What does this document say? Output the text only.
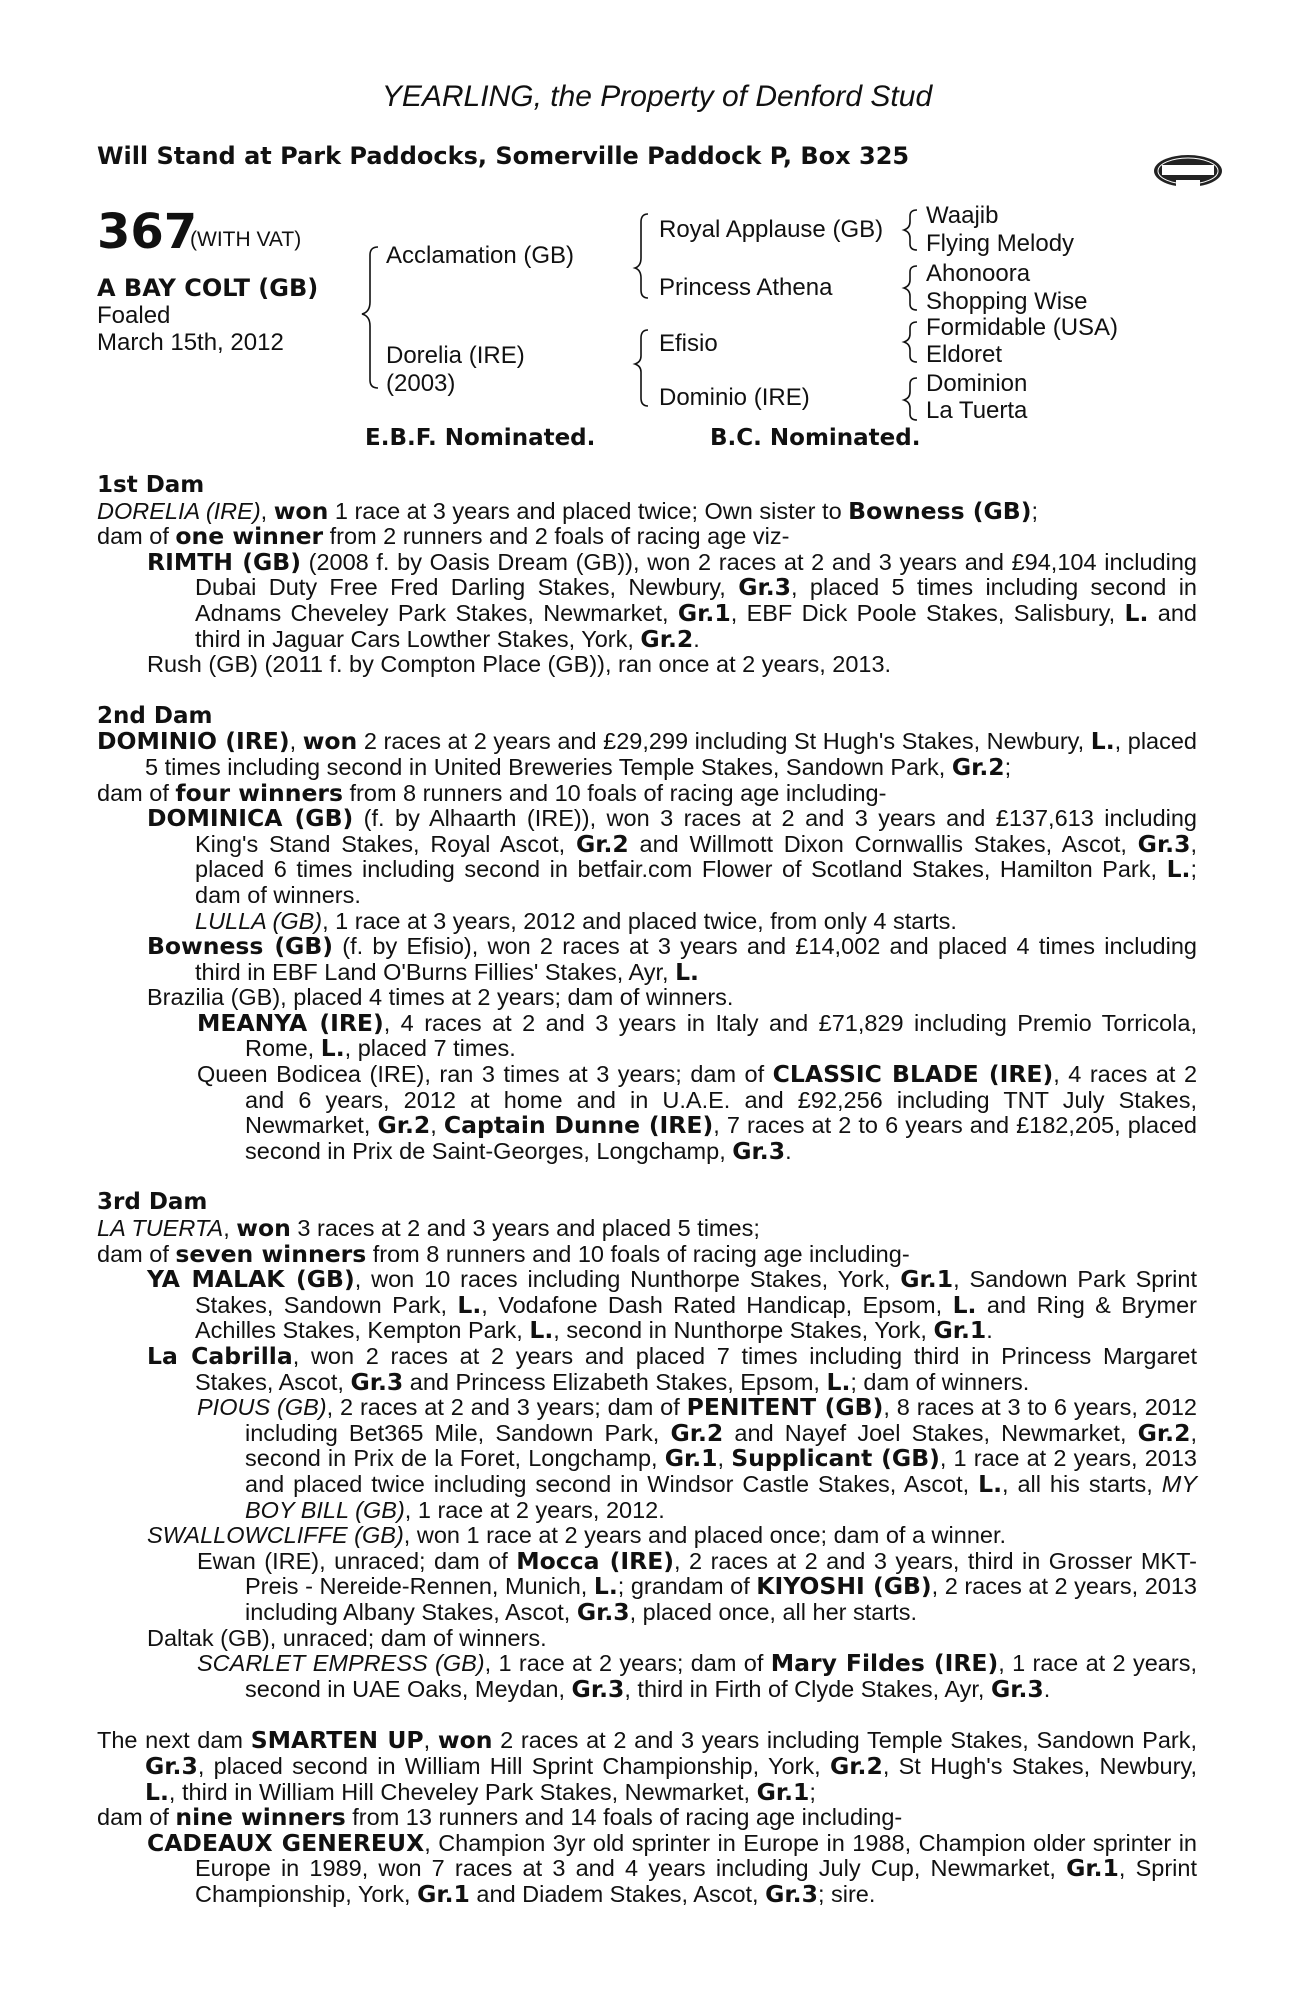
YEARLING, the Property of Denford Stud
Will Stand at Park Paddocks, Somerville Paddock P, Box 325
367
(WITH VAT)
A BAY COLT (GB)
Foaled
March 15th, 2012
Acclamation (GB)
Dorelia (IRE)
(2003)
Royal Applause (GB)
Princess Athena
Efisio
Dominio (IRE)
Waajib
Flying Melody
Ahonoora
Shopping Wise
Formidable (USA)
Eldoret
Dominion
La Tuerta
E.B.F. Nominated.	B.C. Nominated.
1st Dam
DORELIA (IRE), won 1 race at 3 years and placed twice; Own sister to Bowness (GB);
dam of one winner from 2 runners and 2 foals of racing age viz-
RIMTH (GB) (2008 f. by Oasis Dream (GB)), won 2 races at 2 and 3 years and £94,104 including Dubai Duty Free Fred Darling Stakes, Newbury, Gr.3, placed 5 times including second in Adnams Cheveley Park Stakes, Newmarket, Gr.1, EBF Dick Poole Stakes, Salisbury, L. and third in Jaguar Cars Lowther Stakes, York, Gr.2.
Rush (GB) (2011 f. by Compton Place (GB)), ran once at 2 years, 2013.
2nd Dam
DOMINIO (IRE), won 2 races at 2 years and £29,299 including St Hugh's Stakes, Newbury, L., placed 5 times including second in United Breweries Temple Stakes, Sandown Park, Gr.2;
dam of four winners from 8 runners and 10 foals of racing age including-
DOMINICA (GB) (f. by Alhaarth (IRE)), won 3 races at 2 and 3 years and £137,613 including King's Stand Stakes, Royal Ascot, Gr.2 and Willmott Dixon Cornwallis Stakes, Ascot, Gr.3, placed 6 times including second in betfair.com Flower of Scotland Stakes, Hamilton Park, L.; dam of winners.
LULLA (GB), 1 race at 3 years, 2012 and placed twice, from only 4 starts.
Bowness (GB) (f. by Efisio), won 2 races at 3 years and £14,002 and placed 4 times including third in EBF Land O'Burns Fillies' Stakes, Ayr, L.
Brazilia (GB), placed 4 times at 2 years; dam of winners.
MEANYA (IRE), 4 races at 2 and 3 years in Italy and £71,829 including Premio Torricola, Rome, L., placed 7 times.
Queen Bodicea (IRE), ran 3 times at 3 years; dam of CLASSIC BLADE (IRE), 4 races at 2 and 6 years, 2012 at home and in U.A.E. and £92,256 including TNT July Stakes, Newmarket, Gr.2, Captain Dunne (IRE), 7 races at 2 to 6 years and £182,205, placed second in Prix de Saint-Georges, Longchamp, Gr.3.
3rd Dam
LA TUERTA, won 3 races at 2 and 3 years and placed 5 times;
dam of seven winners from 8 runners and 10 foals of racing age including-
YA MALAK (GB), won 10 races including Nunthorpe Stakes, York, Gr.1, Sandown Park Sprint Stakes, Sandown Park, L., Vodafone Dash Rated Handicap, Epsom, L. and Ring & Brymer Achilles Stakes, Kempton Park, L., second in Nunthorpe Stakes, York, Gr.1.
La Cabrilla, won 2 races at 2 years and placed 7 times including third in Princess Margaret Stakes, Ascot, Gr.3 and Princess Elizabeth Stakes, Epsom, L.; dam of winners.
PIOUS (GB), 2 races at 2 and 3 years; dam of PENITENT (GB), 8 races at 3 to 6 years, 2012 including Bet365 Mile, Sandown Park, Gr.2 and Nayef Joel Stakes, Newmarket, Gr.2, second in Prix de la Foret, Longchamp, Gr.1, Supplicant (GB), 1 race at 2 years, 2013 and placed twice including second in Windsor Castle Stakes, Ascot, L., all his starts, MY BOY BILL (GB), 1 race at 2 years, 2012.
SWALLOWCLIFFE (GB), won 1 race at 2 years and placed once; dam of a winner.
Ewan (IRE), unraced; dam of Mocca (IRE), 2 races at 2 and 3 years, third in Grosser MKT-Preis - Nereide-Rennen, Munich, L.; grandam of KIYOSHI (GB), 2 races at 2 years, 2013 including Albany Stakes, Ascot, Gr.3, placed once, all her starts.
Daltak (GB), unraced; dam of winners.
SCARLET EMPRESS (GB), 1 race at 2 years; dam of Mary Fildes (IRE), 1 race at 2 years, second in UAE Oaks, Meydan, Gr.3, third in Firth of Clyde Stakes, Ayr, Gr.3.
The next dam SMARTEN UP, won 2 races at 2 and 3 years including Temple Stakes, Sandown Park, Gr.3, placed second in William Hill Sprint Championship, York, Gr.2, St Hugh's Stakes, Newbury, L., third in William Hill Cheveley Park Stakes, Newmarket, Gr.1;
dam of nine winners from 13 runners and 14 foals of racing age including-
CADEAUX GENEREUX, Champion 3yr old sprinter in Europe in 1988, Champion older sprinter in Europe in 1989, won 7 races at 3 and 4 years including July Cup, Newmarket, Gr.1, Sprint Championship, York, Gr.1 and Diadem Stakes, Ascot, Gr.3; sire.
